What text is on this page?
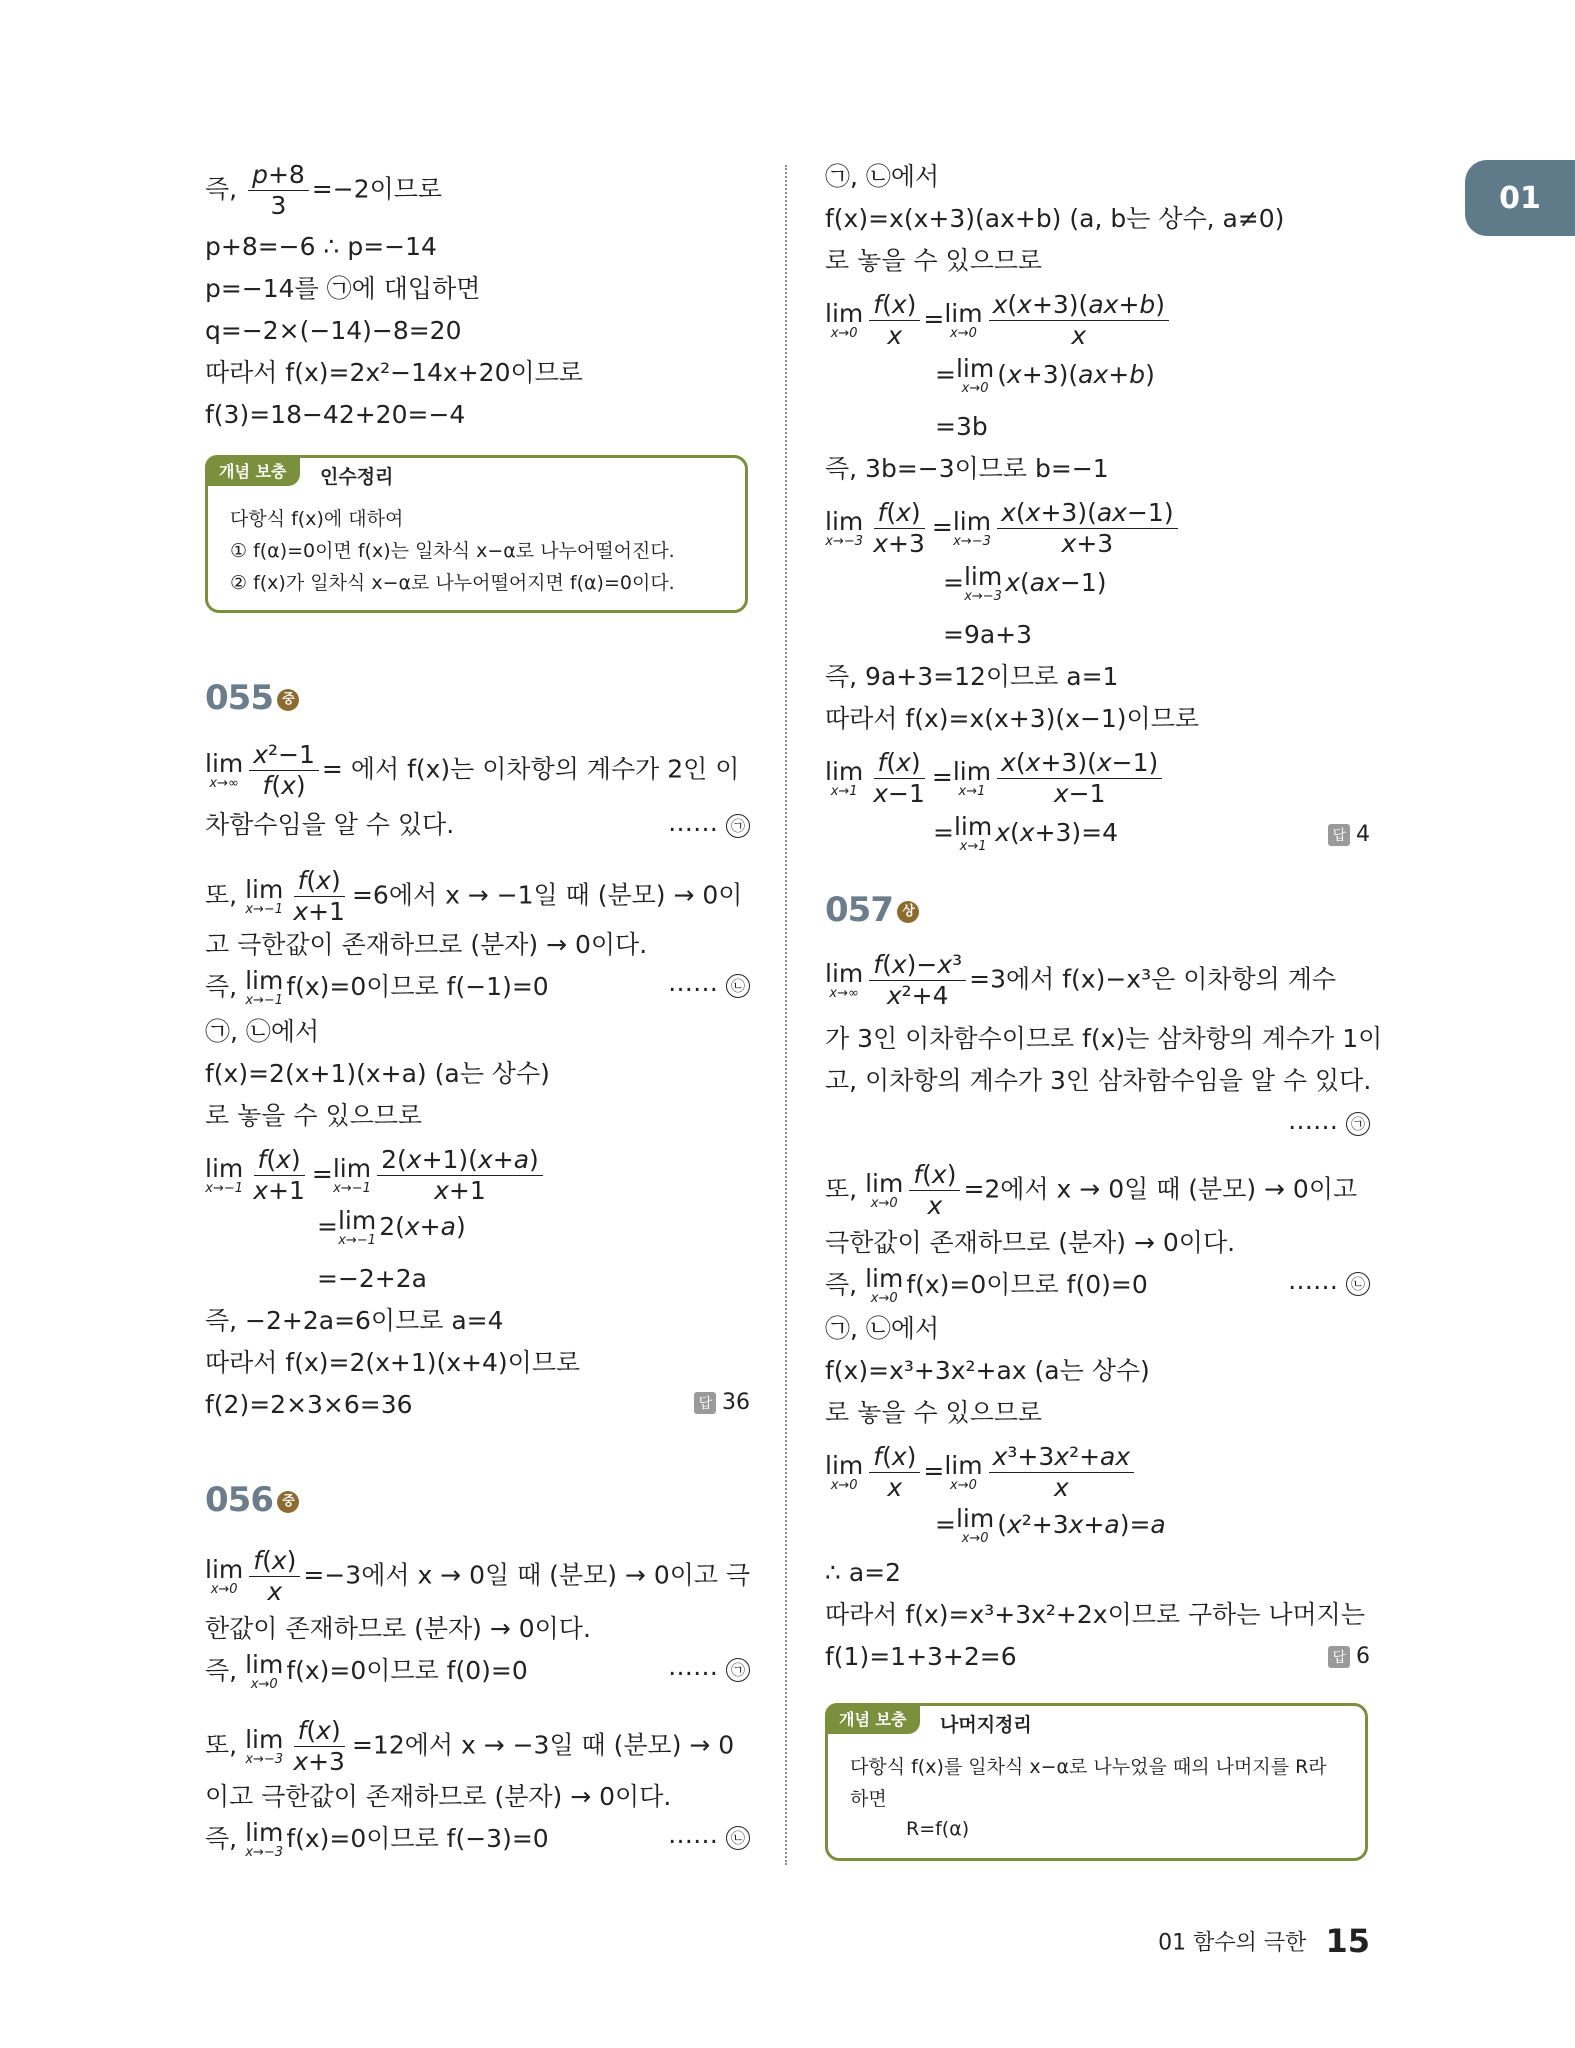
01
즉, $\frac{p+8}{3} =-2$이므로
p+8=−6 ∴ p=−14
p=−14를 ㉠에 대입하면
q=−2×(−14)−8=20
따라서 f(x)=2x²−14x+20이므로
f(3)=18−42+20=−4
개념 보충	인수정리
다항식 f(x)에 대하여
① f(α)=0이면 f(x)는 일차식 x−α로 나누어떨어진다.
② f(x)가 일차식 x−α로 나누어떨어지면 f(α)=0이다.
055 중
lim
$x\to\infty \frac{\text{x²−1}}{f(x)}$ = 에서 f(x)는 이차항의 계수가 2인 이
차함수임을 알 수 있다.	…… ㉠
또, lim
$x\to-1 \frac{f(x)}{x+1} =6$에서 x → −1일 때 (분모) → 0이
고 극한값이 존재하므로 (분자) → 0이다.
즉, lim
x→−1 f(x)=0이므로 f(−1)=0	…… ㉡
㉠, ㉡에서
f(x)=2(x+1)(x+a) (a는 상수)
로 놓을 수 있으므로
lim
$x\to-1 \frac{f(x)}{x+1} = \lim$
$x\to-1 \frac{2(x+1)(x+a)}{x+1}$
= lim
x→−1 2(x+a)
=−2+2a
즉, −2+2a=6이므로 a=4
따라서 f(x)=2(x+1)(x+4)이므로
f(2)=2×3×6=36	답 36
056 중
lim
$x\to 0 \frac{f(x)}{x} =-3$에서 x → 0일 때 (분모) → 0이고 극
한값이 존재하므로 (분자) → 0이다.
즉, lim
x→0 f(x)=0이므로 f(0)=0	…… ㉠
또, lim
$x\to-3 \frac{f(x)}{x+3} =12$에서 x → −3일 때 (분모) → 0
이고 극한값이 존재하므로 (분자) → 0이다.
즉, lim
x→−3 f(x)=0이므로 f(−3)=0	…… ㉡
㉠, ㉡에서
f(x)=x(x+3)(ax+b) (a, b는 상수, a≠0)
로 놓을 수 있으므로
lim
$x\to 0 \frac{f(x)}{x} = \lim$
$x\to 0 \frac{x(x+3)(ax+b)}{x}$
= lim
x→0 (x+3)(ax+b)
=3b
즉, 3b=−3이므로 b=−1
lim
$x\to-3 \frac{f(x)}{x+3} = \lim$
$x\to-3 \frac{x(x+3)(ax-1)}{x+3}$
= lim
x→−3 x(ax−1)
=9a+3
즉, 9a+3=12이므로 a=1
따라서 f(x)=x(x+3)(x−1)이므로
lim
$x\to 1 \frac{f(x)}{x-1} = \lim$
$x\to 1 \frac{x(x+3)(x-1)}{x-1}$
= lim
x→1 x(x+3)=4	답 4
057 상
lim
$x\to\infty \frac{\text{f(x)−x³}}{\text{x²+4}} =3$에서 f(x)−x³은 이차항의 계수
가 3인 이차함수이므로 f(x)는 삼차항의 계수가 1이
고, 이차항의 계수가 3인 삼차함수임을 알 수 있다.
…… ㉠
또, lim
$x\to 0 \frac{f(x)}{x} =2$에서 x → 0일 때 (분모) → 0이고
극한값이 존재하므로 (분자) → 0이다.
즉, lim
x→0 f(x)=0이므로 f(0)=0	…… ㉡
㉠, ㉡에서
f(x)=x³+3x²+ax (a는 상수)
로 놓을 수 있으므로
lim
$x\to 0 \frac{f(x)}{x} = \lim$
$x\to 0 \frac{\text{x³+3x²+ax}}{x}$
= lim
x→0 (x²+3x+a)=a
∴ a=2
따라서 f(x)=x³+3x²+2x이므로 구하는 나머지는
f(1)=1+3+2=6	답 6
개념 보충	나머지정리
다항식 f(x)를 일차식 x−α로 나누었을 때의 나머지를 R라
하면
R=f(α)
01 함수의 극한 15
